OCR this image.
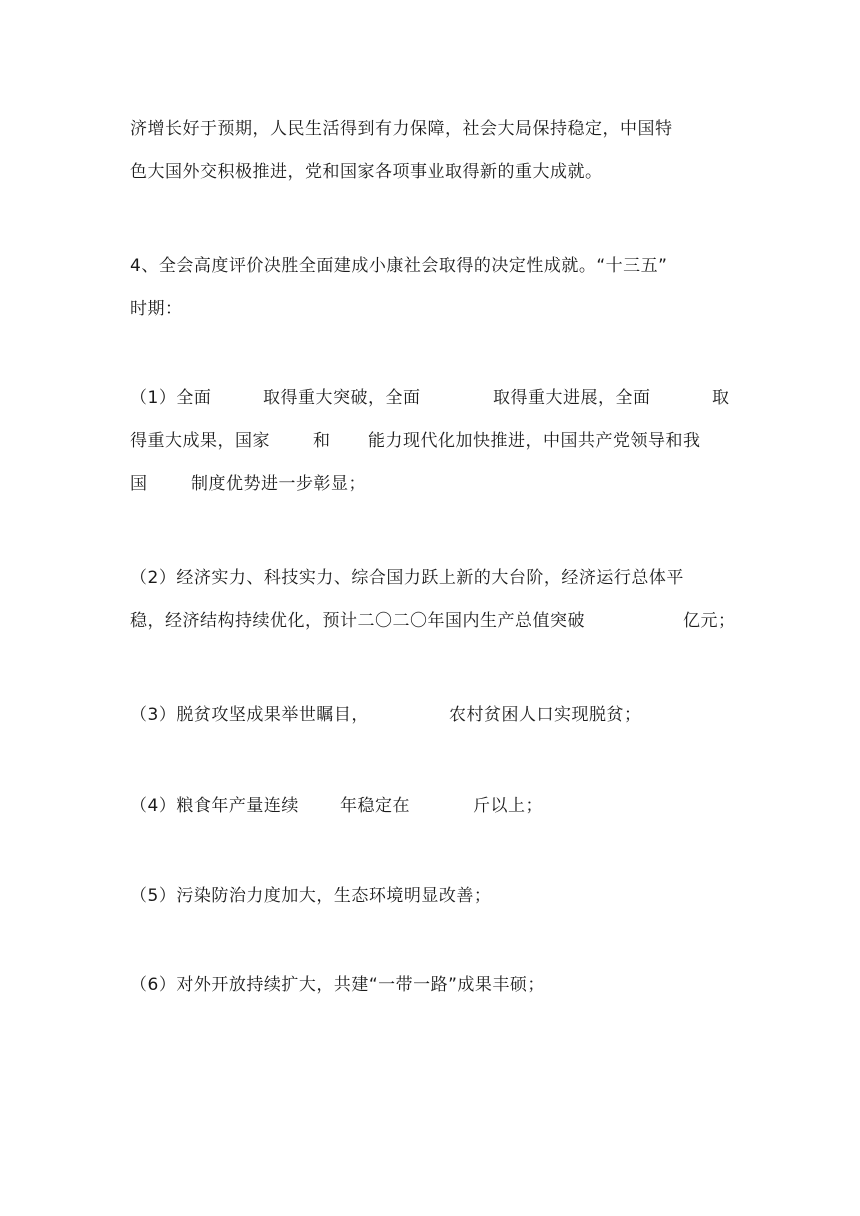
济增长好于预期，人民生活得到有力保障，社会大局保持稳定，中国特
色大国外交积极推进，党和国家各项事业取得新的重大成就。
4、全会高度评价决胜全面建成小康社会取得的决定性成就。“十三五”
时期：

（1）全面

	取得重大突破，全面

	取得重大进展，全面

	取

得重大成果，国家

	和

能力现代化加快推进，中国共产党领导和我

国

	制度优势进一步彰显；

（2）经济实力、科技实力、综合国力跃上新的大台阶，经济运行总体平

稳，经济结构持续优化，预计二〇二〇年国内生产总值突破

	亿元；

（3）脱贫攻坚成果举世瞩目，

	农村贫困人口实现脱贫；

（4）粮食年产量连续

年稳定在

	斤以上；

（5）污染防治力度加大，生态环境明显改善；
（6）对外开放持续扩大，共建“一带一路”成果丰硕；
